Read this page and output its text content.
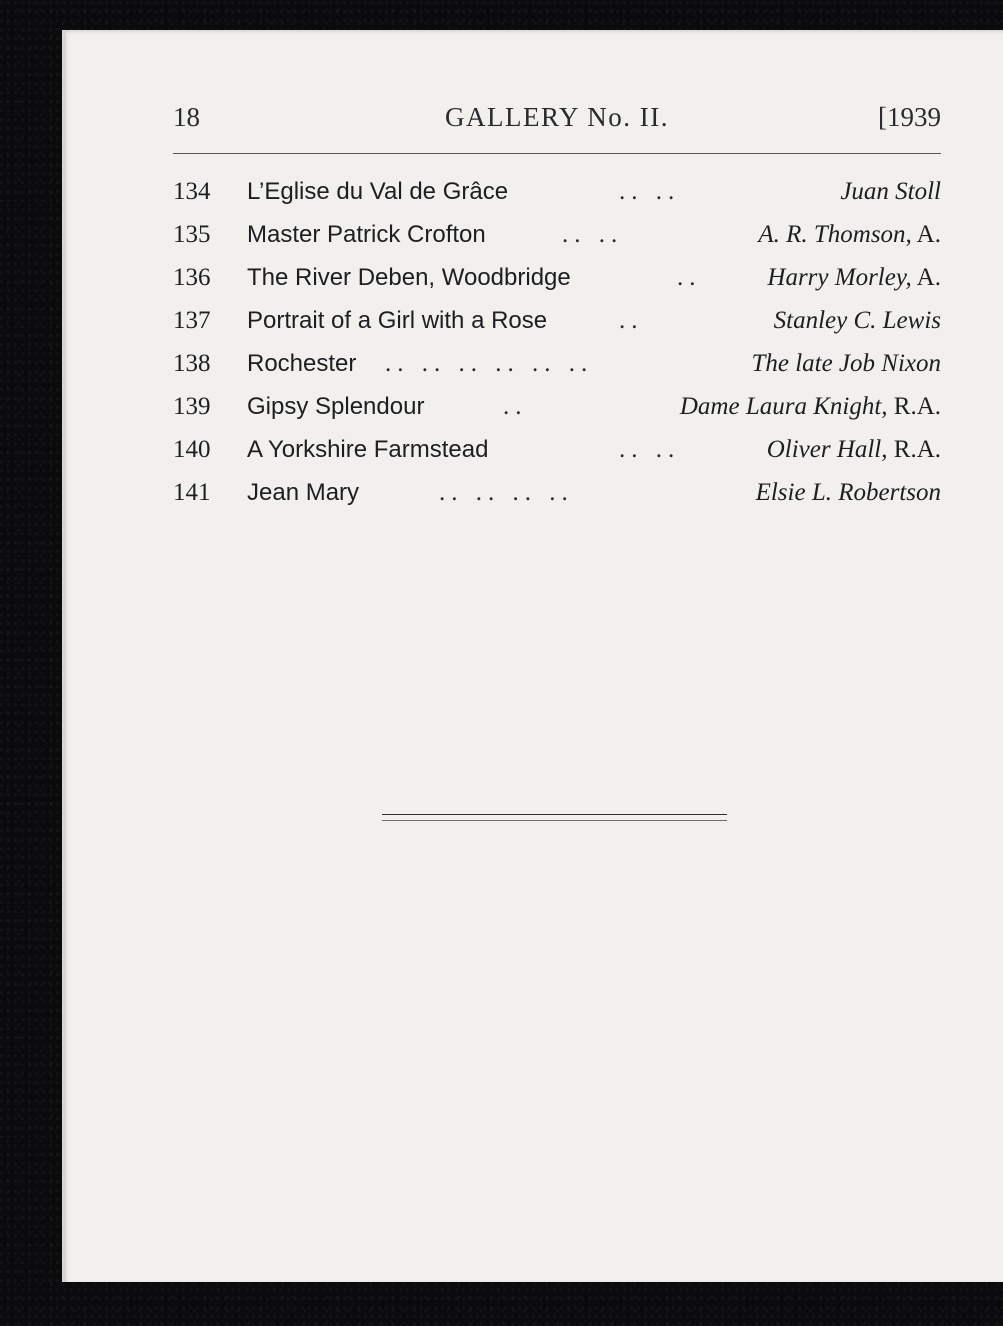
18	GALLERY No. II.	[1939
134 L’Eglise du Val de Grâce	.. ..	Juan Stoll
135 Master Patrick Crofton	.. ..	A. R. Thomson, A.
136 The River Deben, Woodbridge	..	Harry Morley, A.
137 Portrait of a Girl with a Rose	..	Stanley C. Lewis
138 Rochester .. .. .. .. .. ..	The late Job Nixon
139 Gipsy Splendour	..	Dame Laura Knight, R.A.
140 A Yorkshire Farmstead	.. ..	Oliver Hall, R.A.
141 Jean Mary	.. .. .. ..	Elsie L. Robertson
